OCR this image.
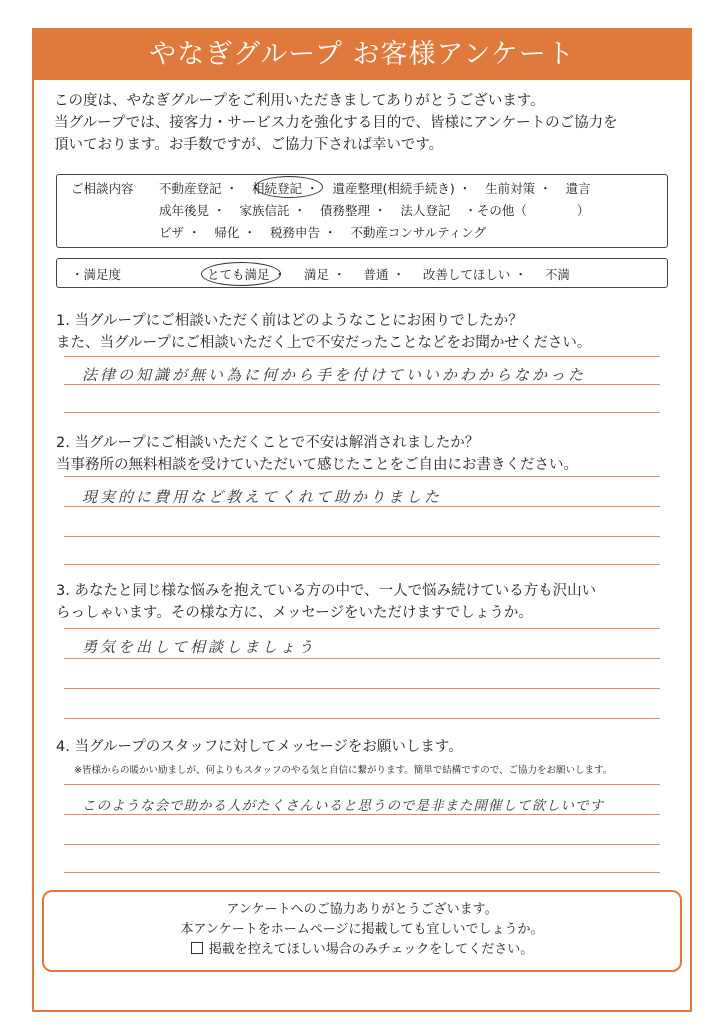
やなぎグループ お客様アンケート
この度は、やなぎグループをご利用いただきましてありがとうございます。
当グループでは、接客力・サービス力を強化する目的で、皆様にアンケートのご協力を
頂いております。お手数ですが、ご協力下されば幸いです。
ご相談内容 不動産登記 ・ 相続登記 ・ 遺産整理(相続手続き) ・ 生前対策 ・ 遺言
成年後見 ・ 家族信託 ・ 債務整理 ・ 法人登記 ・その他（　　　　）
ビザ ・ 帰化 ・ 税務申告 ・ 不動産コンサルティング
・満足度	とても満足 ・ 満足 ・ 普通 ・ 改善してほしい ・ 不満
1. 当グループにご相談いただく前はどのようなことにお困りでしたか？
また、当グループにご相談いただく上で不安だったことなどをお聞かせください。
法律の知識が無い為に何から手を付けていいかわからなかった
2. 当グループにご相談いただくことで不安は解消されましたか？
当事務所の無料相談を受けていただいて感じたことをご自由にお書きください。
現実的に費用など教えてくれて助かりました
3. あなたと同じ様な悩みを抱えている方の中で、一人で悩み続けている方も沢山い
らっしゃいます。その様な方に、メッセージをいただけますでしょうか。
勇気を出して相談しましょう
4. 当グループのスタッフに対してメッセージをお願いします。
※皆様からの暖かい励ましが、何よりもスタッフのやる気と自信に繋がります。簡単で結構ですので、ご協力をお願いします。
このような会で助かる人がたくさんいると思うので是非また開催して欲しいです
アンケートへのご協力ありがとうございます。
本アンケートをホームページに掲載しても宜しいでしょうか。
掲載を控えてほしい場合のみチェックをしてください。
